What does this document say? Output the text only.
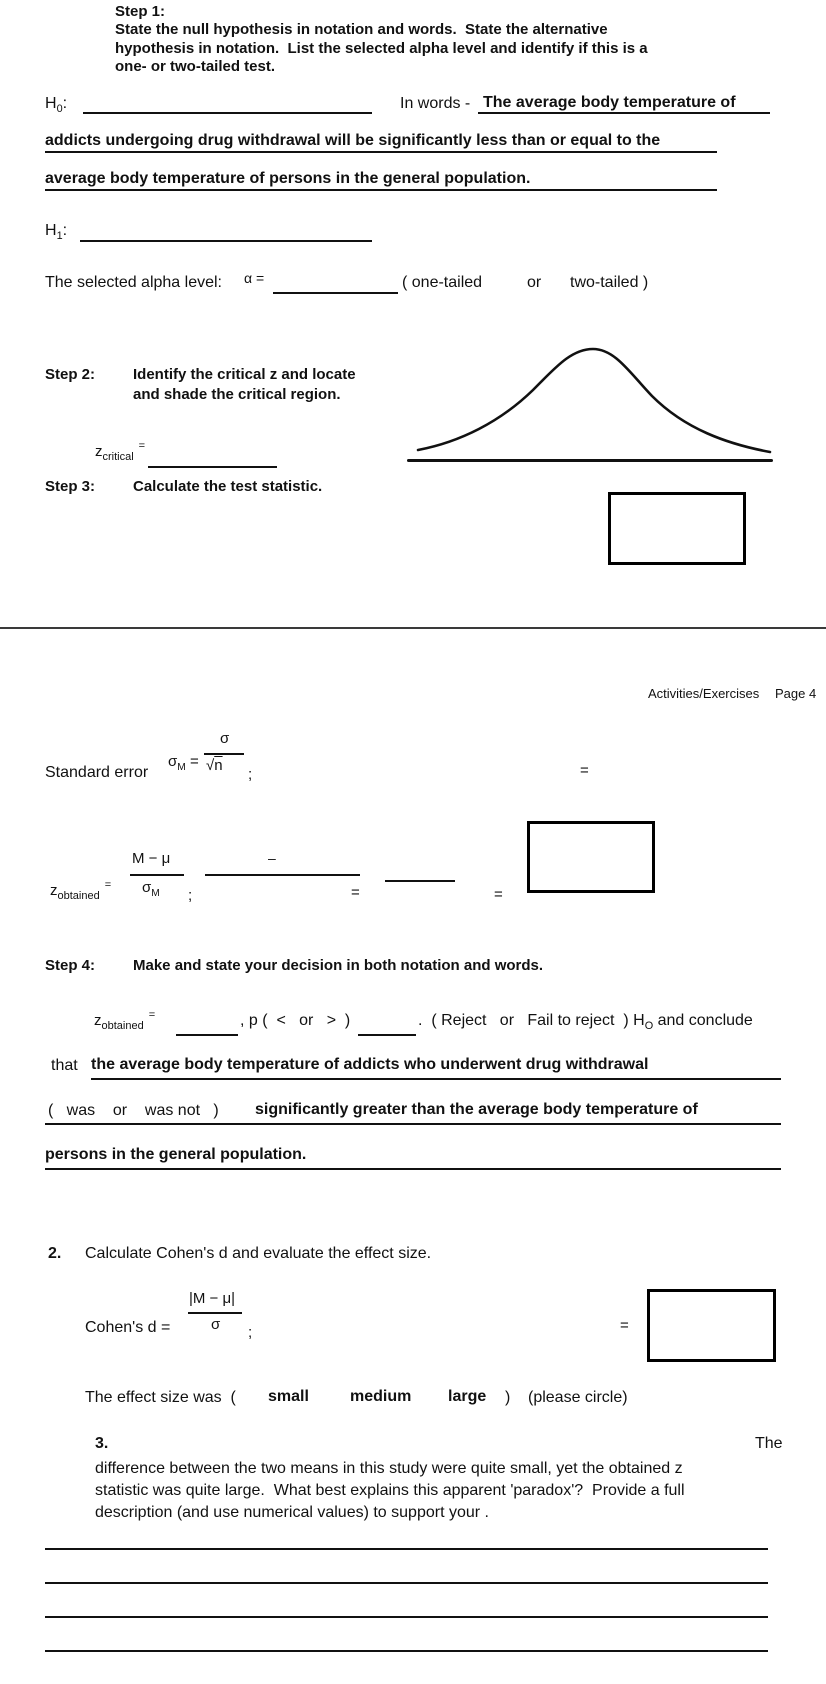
Step 1:
State the null hypothesis in notation and words.  State the alternative
hypothesis in notation.  List the selected alpha level and identify if this is a
one- or two-tailed test.
$H_0$:	In words - The average body temperature of
addicts undergoing drug withdrawal will be significantly less than or equal to the
average body temperature of persons in the general population.
$H_1$:
The selected alpha level: α =	( one-tailed	or two-tailed )
Step 2:	Identify the critical z and locate
and shade the critical region.
$z_{critical}^=$
Step 3:	Calculate the test statistic.
Activities/Exercises Page 4
Standard error
$\sigma_M$ =
σ
√n
;	=
M − μ
$z_{obtained}^=$ $\sigma_M$ ;
–
=	=
Step 4:	Make and state your decision in both notation and words.
$z_{obtained}^=$	, p (  <   or   >  )	.  ( Reject   or   Fail to reject  ) $H_O$ and conclude
that the average body temperature of addicts who underwent drug withdrawal
(   was    or    was not   ) significantly greater than the average body temperature of
persons in the general population.
2. Calculate Cohen's d and evaluate the effect size.
Cohen's d =
|M − μ|
σ ;	=
The effect size was  ( small	medium large ) (please circle)
3.	The
difference between the two means in this study were quite small, yet the obtained z
statistic was quite large.  What best explains this apparent 'paradox'?  Provide a full
description (and use numerical values) to support your .
